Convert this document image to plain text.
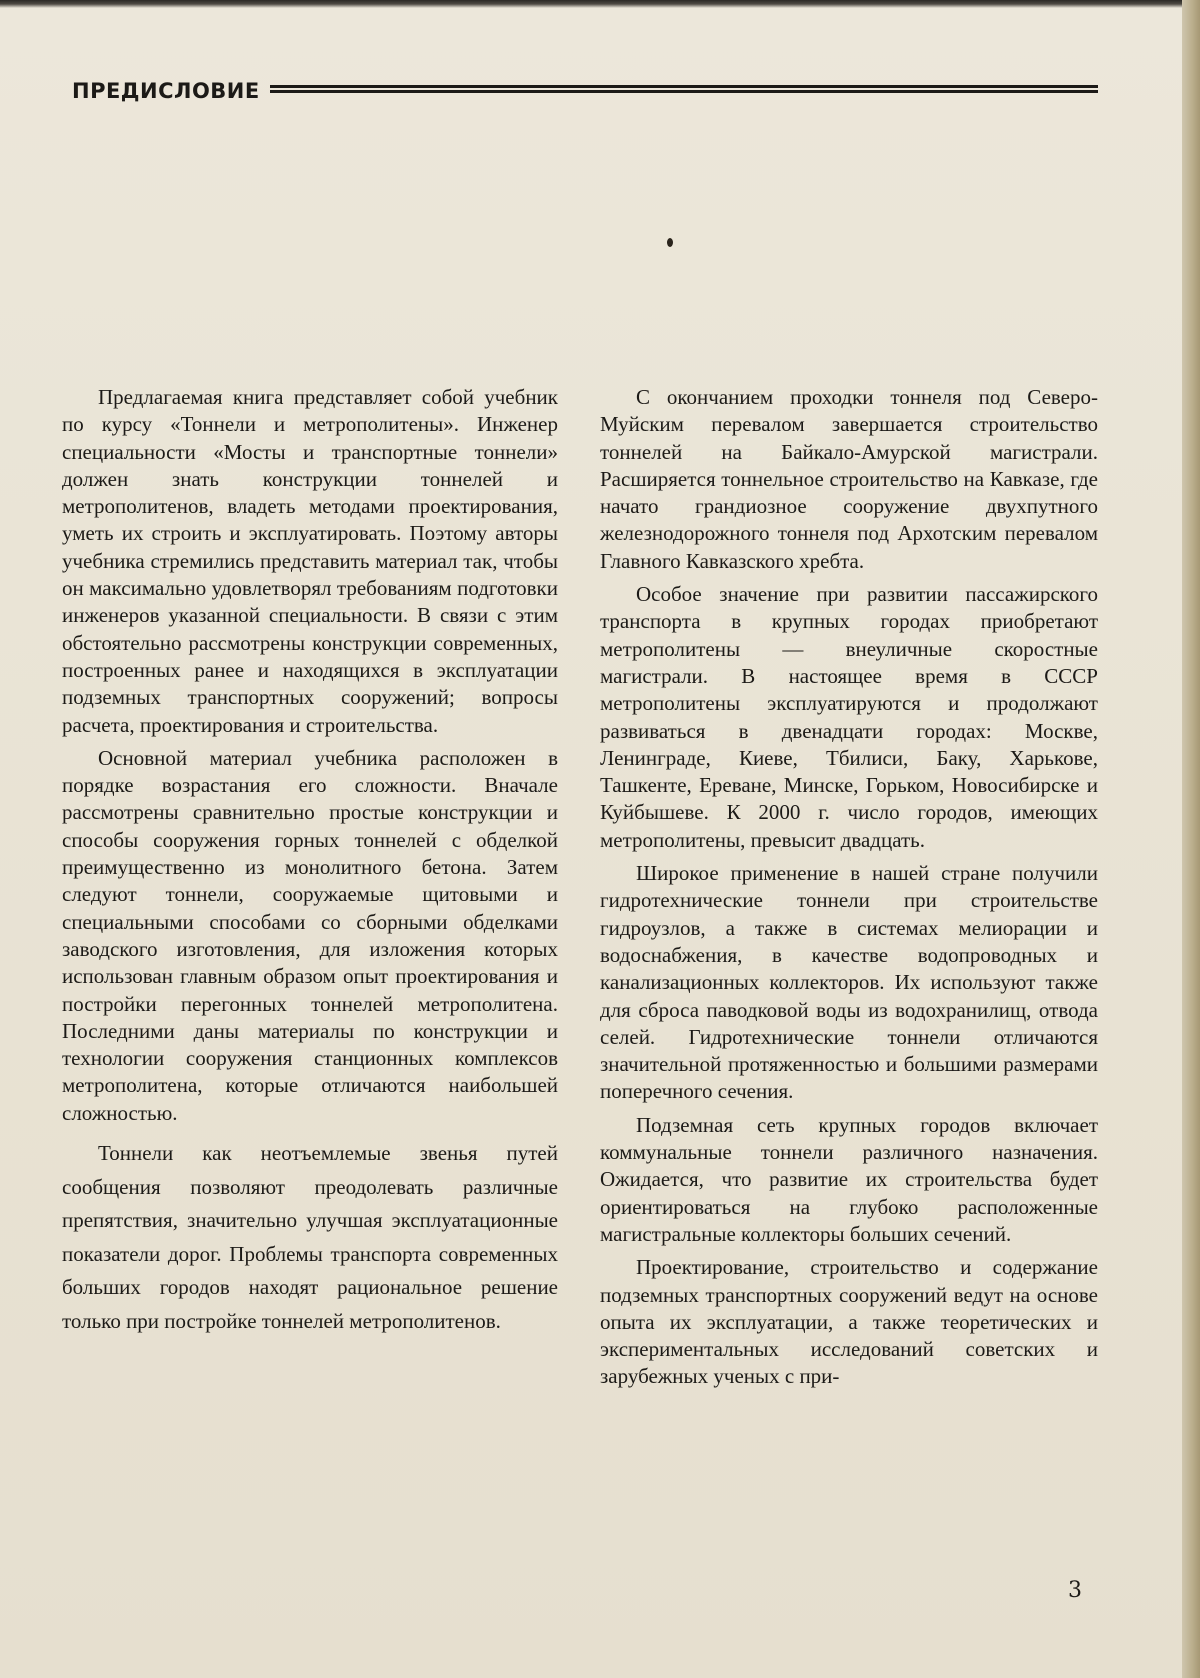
ПРЕДИСЛОВИЕ

Предлагаемая книга представляет собой учебник по курсу «Тоннели и метрополитены». Инженер специальности «Мосты и транспортные тоннели» должен знать конструкции тоннелей и метрополитенов, владеть методами проектирования, уметь их строить и эксплуатировать. Поэтому авторы учебника стремились представить материал так, чтобы он максимально удовлетворял требованиям подготовки инженеров указанной специальности. В связи с этим обстоятельно рассмотрены конструкции современных, построенных ранее и находящихся в эксплуатации подземных транспортных сооружений; вопросы расчета, проектирования и строительства.

Основной материал учебника расположен в порядке возрастания его сложности. Вначале рассмотрены сравнительно простые конструкции и способы сооружения горных тоннелей с обделкой преимущественно из монолитного бетона. Затем следуют тоннели, сооружаемые щитовыми и специальными способами со сборными обделками заводского изготовления, для изложения которых использован главным образом опыт проектирования и постройки перегонных тоннелей метрополитена. Последними даны материалы по конструкции и технологии сооружения станционных комплексов метрополитена, которые отличаются наибольшей сложностью.

Тоннели как неотъемлемые звенья путей сообщения позволяют преодолевать различные препятствия, значительно улучшая эксплуатационные показатели дорог. Проблемы транспорта современных больших городов находят рациональное решение только при постройке тоннелей метрополитенов.

С окончанием проходки тоннеля под Северо-Муйским перевалом завершается строительство тоннелей на Байкало-Амурской магистрали. Расширяется тоннельное строительство на Кавказе, где начато грандиозное сооружение двухпутного железнодорожного тоннеля под Архотским перевалом Главного Кавказского хребта.

Особое значение при развитии пассажирского транспорта в крупных городах приобретают метрополитены — внеуличные скоростные магистрали. В настоящее время в СССР метрополитены эксплуатируются и продолжают развиваться в двенадцати городах: Москве, Ленинграде, Киеве, Тбилиси, Баку, Харькове, Ташкенте, Ереване, Минске, Горьком, Новосибирске и Куйбышеве. К 2000 г. число городов, имеющих метрополитены, превысит двадцать.

Широкое применение в нашей стране получили гидротехнические тоннели при строительстве гидроузлов, а также в системах мелиорации и водоснабжения, в качестве водопроводных и канализационных коллекторов. Их используют также для сброса паводковой воды из водохранилищ, отвода селей. Гидротехнические тоннели отличаются значительной протяженностью и большими размерами поперечного сечения.

Подземная сеть крупных городов включает коммунальные тоннели различного назначения. Ожидается, что развитие их строительства будет ориентироваться на глубоко расположенные магистральные коллекторы больших сечений.

Проектирование, строительство и содержание подземных транспортных сооружений ведут на основе опыта их эксплуатации, а также теоретических и экспериментальных исследований советских и зарубежных ученых с при-

3
